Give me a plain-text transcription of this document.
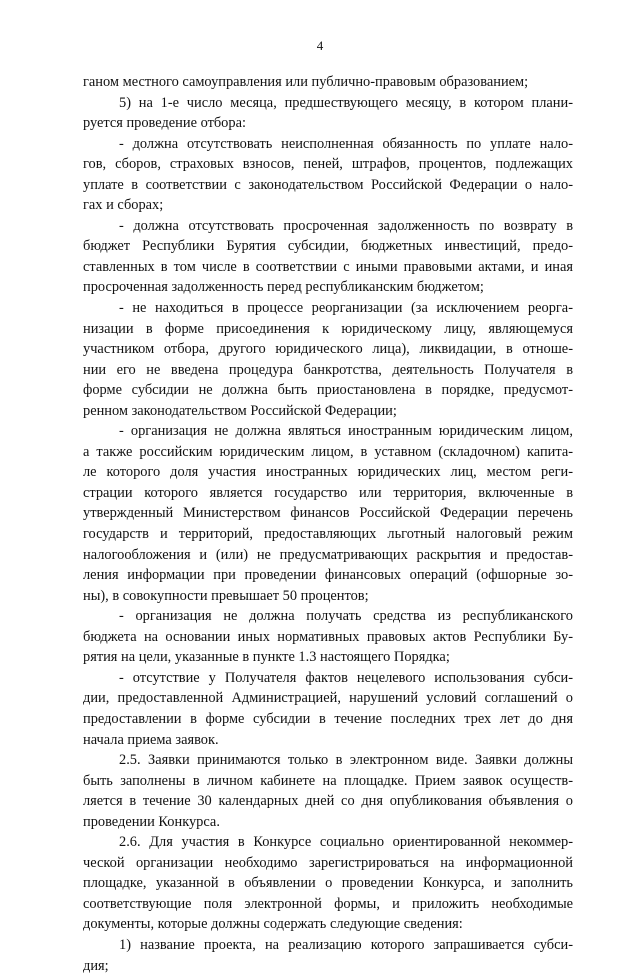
4
ганом местного самоуправления или публично-правовым образованием;
5) на 1-е число месяца, предшествующего месяцу, в котором плани-
руется проведение отбора:
- должна отсутствовать неисполненная обязанность по уплате нало-
гов, сборов, страховых взносов, пеней, штрафов, процентов, подлежащих
уплате в соответствии с законодательством Российской Федерации о нало-
гах и сборах;
- должна отсутствовать просроченная задолженность по возврату в
бюджет Республики Бурятия субсидии, бюджетных инвестиций, предо-
ставленных в том числе в соответствии с иными правовыми актами, и иная
просроченная задолженность перед республиканским бюджетом;
- не находиться в процессе реорганизации (за исключением реорга-
низации в форме присоединения к юридическому лицу, являющемуся
участником отбора, другого юридического лица), ликвидации, в отноше-
нии его не введена процедура банкротства, деятельность Получателя в
форме субсидии не должна быть приостановлена в порядке, предусмот-
ренном законодательством Российской Федерации;
- организация не должна являться иностранным юридическим лицом,
а также российским юридическим лицом, в уставном (складочном) капита-
ле которого доля участия иностранных юридических лиц, местом реги-
страции которого является государство или территория, включенные в
утвержденный Министерством финансов Российской Федерации перечень
государств и территорий, предоставляющих льготный налоговый режим
налогообложения и (или) не предусматривающих раскрытия и предостав-
ления информации при проведении финансовых операций (офшорные зо-
ны), в совокупности превышает 50 процентов;
- организация не должна получать средства из республиканского
бюджета на основании иных нормативных правовых актов Республики Бу-
рятия на цели, указанные в пункте 1.3 настоящего Порядка;
- отсутствие у Получателя фактов нецелевого использования субси-
дии, предоставленной Администрацией, нарушений условий соглашений о
предоставлении в форме субсидии в течение последних трех лет до дня
начала приема заявок.
2.5. Заявки принимаются только в электронном виде. Заявки должны
быть заполнены в личном кабинете на площадке. Прием заявок осуществ-
ляется в течение 30 календарных дней со дня опубликования объявления о
проведении Конкурса.
2.6. Для участия в Конкурсе социально ориентированной некоммер-
ческой организации необходимо зарегистрироваться на информационной
площадке, указанной в объявлении о проведении Конкурса, и заполнить
соответствующие поля электронной формы, и приложить необходимые
документы, которые должны содержать следующие сведения:
1) название проекта, на реализацию которого запрашивается субси-
дия;
